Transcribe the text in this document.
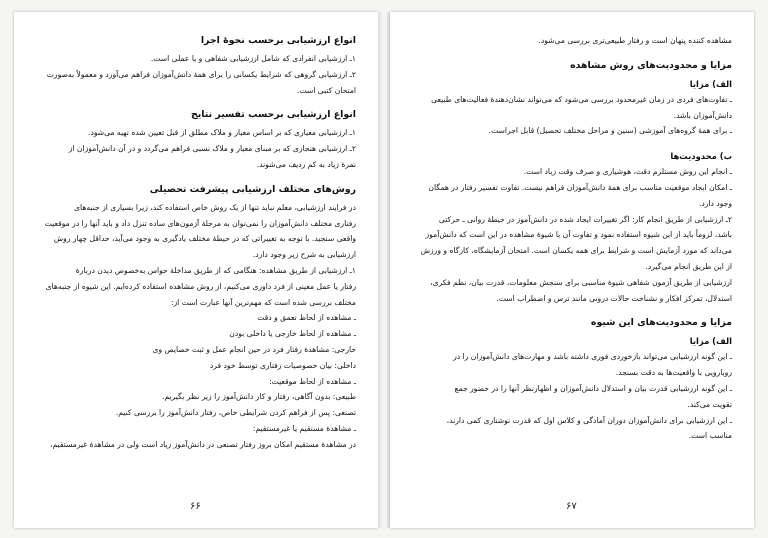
انواع ارزشیابی برحسب نحوهٔ اجرا
۱ـ ارزشیابی انفرادی که شامل ارزشیابی شفاهی و یا عملی است.
۲ـ ارزشیابی گروهی که شرایط یکسانی را برای همهٔ دانش‌آموزان فراهم می‌آورد و معمولاً به‌صورت
امتحان کتبی است.
انواع ارزشیابی برحسب تفسیر نتایج
۱ـ ارزشیابی معیاری که بر اساس معیار و ملاک مطلق از قبل تعیین شده تهیه می‌شود.
۲ـ ارزشیابی هنجاری که بر مبنای معیار و ملاک نسبی فراهم می‌گردد و در آن دانش‌آموزان از
نمرهٔ زیاد به کم ردیف می‌شوند.
روش‌های مختلف ارزشیابی پیشرفت تحصیلی
در فرایند ارزشیابی، معلم نباید تنها از یک روش خاص استفاده کند، زیرا بسیاری از جنبه‌های
رفتاری مختلف دانش‌آموزان را نمی‌توان به مرحلهٔ آزمون‌های ساده تنزل داد و باید آنها را در موقعیت
واقعی سنجید. با توجه به تغییراتی که در حیطهٔ مختلف یادگیری به وجود می‌آید، حداقل چهار روش
ارزشیابی به شرح زیر وجود دارد.
۱ـ ارزشیابی از طریق مشاهده: هنگامی که از طریق مداخلهٔ حواس به‌خصوص دیدن دربارهٔ
رفتار یا عمل معینی از فرد داوری می‌کنیم، از روش مشاهده استفاده کرده‌ایم. این شیوه از جنبه‌های
مختلف بررسی شده است که مهم‌ترین آنها عبارت است از:
ـ مشاهده از لحاظ تعمق و دقت
ـ مشاهده از لحاظ خارجی یا داخلی بودن
خارجی: مشاهدهٔ رفتار فرد در حین انجام عمل و ثبت خصایص وی
داخلی: بیان خصوصیات رفتاری توسط خود فرد
ـ مشاهده از لحاظ موقعیت:
طبیعی: بدون آگاهی، رفتار و کار دانش‌آموز را زیر نظر بگیریم.
تصنعی: پس از فراهم کردن شرایطی خاص، رفتار دانش‌آموز را بررسی کنیم.
ـ مشاهدهٔ مستقیم یا غیرمستقیم:
در مشاهدهٔ مستقیم امکان بروز رفتار تصنعی در دانش‌آموز زیاد است ولی در مشاهدهٔ غیرمستقیم،
۶۶
مشاهده کننده پنهان است و رفتار طبیعی‌تری بررسی می‌شود.
مزایا و محدودیت‌های روش مشاهده
الف) مزایا
ـ تفاوت‌های فردی در زمان غیرمحدود بررسی می‌شود که می‌تواند نشان‌دهندهٔ فعالیت‌های طبیعی
دانش‌آموزان باشد.
ـ برای همهٔ گروه‌های آموزشی (سنین و مراحل مختلف تحصیل) قابل اجراست.
ب) محدودیت‌ها
ـ انجام این روش مستلزم دقت، هوشیاری و صرف وقت زیاد است.
ـ امکان ایجاد موقعیت مناسب برای همهٔ دانش‌آموزان فراهم نیست. تفاوت تفسیر رفتار در همگان
وجود دارد.
۲ـ ارزشیابی از طریق انجام کار: اگر تغییرات ایجاد شده در دانش‌آموز در حیطهٔ روانی ـ حرکتی
باشد، لزوماً باید از این شیوه استفاده نمود و تفاوت آن با شیوهٔ مشاهده در این است که دانش‌آموز
می‌داند که مورد آزمایش است و شرایط برای همه یکسان است. امتحان آزمایشگاه، کارگاه و ورزش
از این طریق انجام می‌گیرد.
ارزشیابی از طریق آزمون شفاهی شیوهٔ مناسبی برای سنجش معلومات، قدرت بیان، نظم فکری،
استدلال، تمرکز افکار و نشناخت حالات درونی مانند ترس و اضطراب است.
مزایا و محدودیت‌های این شیوه
الف) مزایا
ـ این گونه ارزشیابی می‌تواند بازخوردی فوری داشته باشد و مهارت‌های دانش‌آموزان را در
رویارویی با واقعیت‌ها به دقت بسنجد.
ـ این گونه ارزشیابی قدرت بیان و استدلال دانش‌آموزان و اظهارنظر آنها را در حضور جمع
تقویت می‌کند.
ـ این ارزشیابی برای دانش‌آموزان دوران آمادگی و کلاس اول که قدرت نوشتاری کمی دارند،
مناسب است.
۶۷
